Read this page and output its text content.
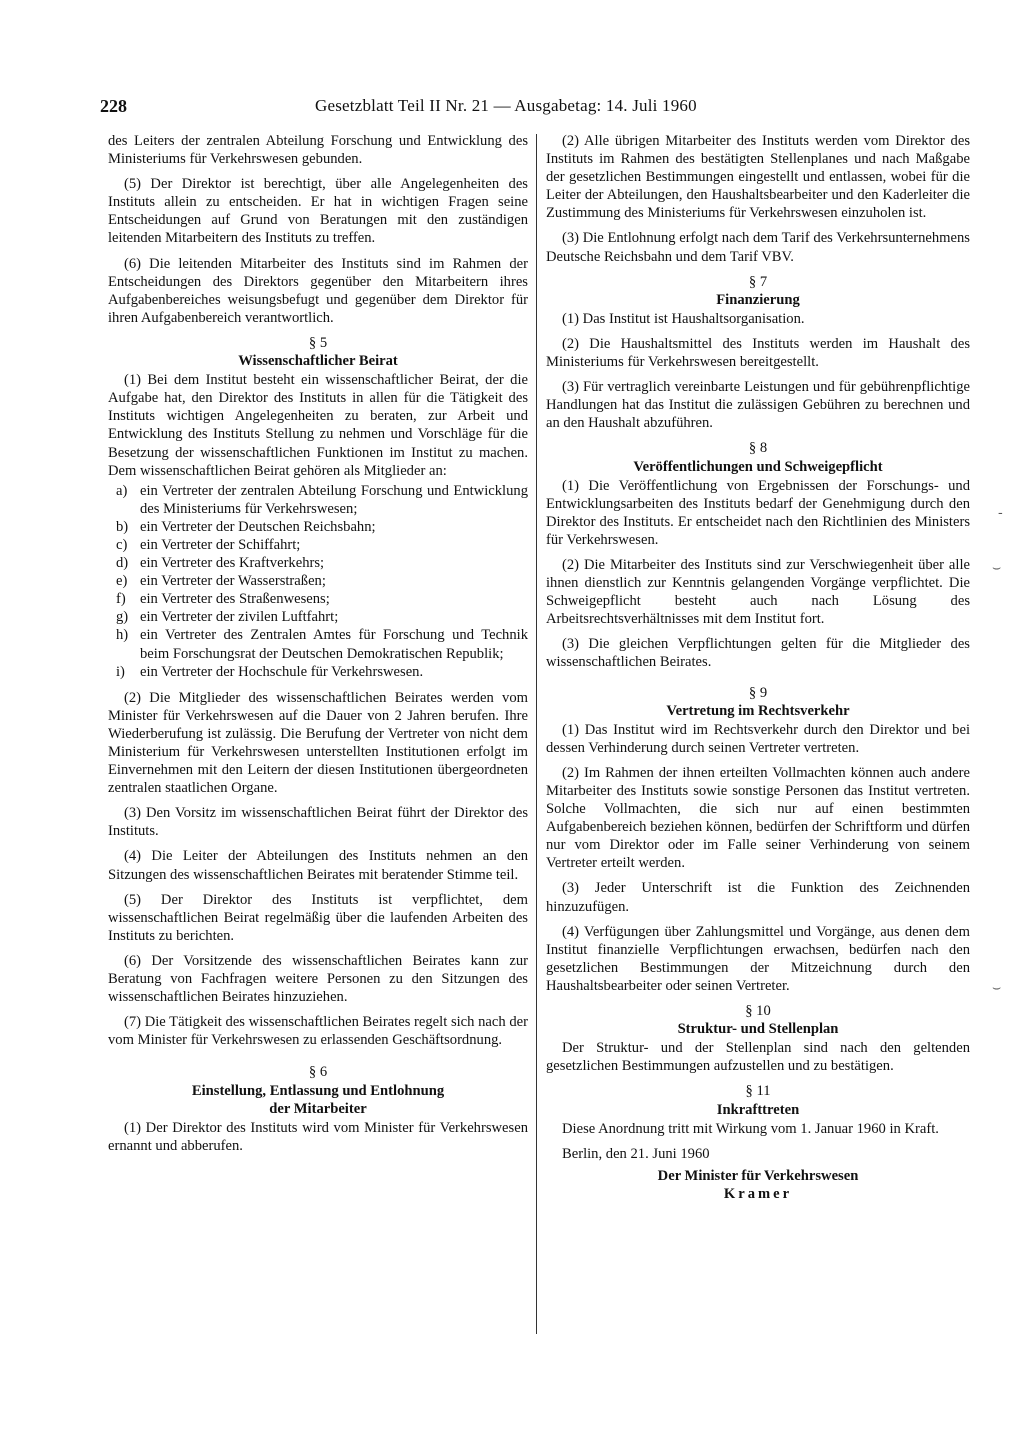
228	Gesetzblatt Teil II Nr. 21 — Ausgabetag: 14. Juli 1960

des Leiters der zentralen Abteilung Forschung und Entwicklung des Ministeriums für Verkehrswesen gebunden.

(5) Der Direktor ist berechtigt, über alle Angelegenheiten des Instituts allein zu entscheiden. Er hat in wichtigen Fragen seine Entscheidungen auf Grund von Beratungen mit den zuständigen leitenden Mitarbeitern des Instituts zu treffen.

(6) Die leitenden Mitarbeiter des Instituts sind im Rahmen der Entscheidungen des Direktors gegenüber den Mitarbeitern ihres Aufgabenbereiches weisungsbefugt und gegenüber dem Direktor für ihren Aufgabenbereich verantwortlich.

§ 5
Wissenschaftlicher Beirat

(1) Bei dem Institut besteht ein wissenschaftlicher Beirat, der die Aufgabe hat, den Direktor des Instituts in allen für die Tätigkeit des Instituts wichtigen Angelegenheiten zu beraten, zur Arbeit und Entwicklung des Instituts Stellung zu nehmen und Vorschläge für die Besetzung der wissenschaftlichen Funktionen im Institut zu machen. Dem wissenschaftlichen Beirat gehören als Mitglieder an:

a) ein Vertreter der zentralen Abteilung Forschung und Entwicklung des Ministeriums für Verkehrswesen;
b) ein Vertreter der Deutschen Reichsbahn;
c) ein Vertreter der Schiffahrt;
d) ein Vertreter des Kraftverkehrs;
e) ein Vertreter der Wasserstraßen;
f) ein Vertreter des Straßenwesens;
g) ein Vertreter der zivilen Luftfahrt;
h) ein Vertreter des Zentralen Amtes für Forschung und Technik beim Forschungsrat der Deutschen Demokratischen Republik;
i)	ein Vertreter der Hochschule für Verkehrswesen.

(2) Die Mitglieder des wissenschaftlichen Beirates werden vom Minister für Verkehrswesen auf die Dauer von 2 Jahren berufen. Ihre Wiederberufung ist zulässig. Die Berufung der Vertreter von nicht dem Ministerium für Verkehrswesen unterstellten Institutionen erfolgt im Einvernehmen mit den Leitern der diesen Institutionen übergeordneten zentralen staatlichen Organe.

(3) Den Vorsitz im wissenschaftlichen Beirat führt der Direktor des Instituts.

(4) Die Leiter der Abteilungen des Instituts nehmen an den Sitzungen des wissenschaftlichen Beirates mit beratender Stimme teil.

(5) Der Direktor des Instituts ist verpflichtet, dem wissenschaftlichen Beirat regelmäßig über die laufenden Arbeiten des Instituts zu berichten.

(6) Der Vorsitzende des wissenschaftlichen Beirates kann zur Beratung von Fachfragen weitere Personen zu den Sitzungen des wissenschaftlichen Beirates hinzuziehen.

(7) Die Tätigkeit des wissenschaftlichen Beirates regelt sich nach der vom Minister für Verkehrswesen zu erlassenden Geschäftsordnung.

§ 6
Einstellung, Entlassung und Entlohnung
der Mitarbeiter

(1) Der Direktor des Instituts wird vom Minister für Verkehrswesen ernannt und abberufen.

(2) Alle übrigen Mitarbeiter des Instituts werden vom Direktor des Instituts im Rahmen des bestätigten Stellenplanes und nach Maßgabe der gesetzlichen Bestimmungen eingestellt und entlassen, wobei für die Leiter der Abteilungen, den Haushaltsbearbeiter und den Kaderleiter die Zustimmung des Ministeriums für Verkehrswesen einzuholen ist.

(3) Die Entlohnung erfolgt nach dem Tarif des Verkehrsunternehmens Deutsche Reichsbahn und dem Tarif VBV.

§ 7
Finanzierung

(1) Das Institut ist Haushaltsorganisation.

(2) Die Haushaltsmittel des Instituts werden im Haushalt des Ministeriums für Verkehrswesen bereitgestellt.

(3) Für vertraglich vereinbarte Leistungen und für gebührenpflichtige Handlungen hat das Institut die zulässigen Gebühren zu berechnen und an den Haushalt abzuführen.

§ 8
Veröffentlichungen und Schweigepflicht

(1) Die Veröffentlichung von Ergebnissen der Forschungs- und Entwicklungsarbeiten des Instituts bedarf der Genehmigung durch den Direktor des Instituts. Er entscheidet nach den Richtlinien des Ministers für Verkehrswesen.

(2) Die Mitarbeiter des Instituts sind zur Verschwiegenheit über alle ihnen dienstlich zur Kenntnis gelangenden Vorgänge verpflichtet. Die Schweigepflicht besteht auch nach Lösung des Arbeitsrechtsverhältnisses mit dem Institut fort.

(3) Die gleichen Verpflichtungen gelten für die Mitglieder des wissenschaftlichen Beirates.

§ 9
Vertretung im Rechtsverkehr

(1) Das Institut wird im Rechtsverkehr durch den Direktor und bei dessen Verhinderung durch seinen Vertreter vertreten.

(2) Im Rahmen der ihnen erteilten Vollmachten können auch andere Mitarbeiter des Instituts sowie sonstige Personen das Institut vertreten. Solche Vollmachten, die sich nur auf einen bestimmten Aufgabenbereich beziehen können, bedürfen der Schriftform und dürfen nur vom Direktor oder im Falle seiner Verhinderung von seinem Vertreter erteilt werden.

(3) Jeder Unterschrift ist die Funktion des Zeichnenden hinzuzufügen.

(4) Verfügungen über Zahlungsmittel und Vorgänge, aus denen dem Institut finanzielle Verpflichtungen erwachsen, bedürfen nach den gesetzlichen Bestimmungen der Mitzeichnung durch den Haushaltsbearbeiter oder seinen Vertreter.

§ 10
Struktur- und Stellenplan

Der Struktur- und der Stellenplan sind nach den geltenden gesetzlichen Bestimmungen aufzustellen und zu bestätigen.

§ 11
Inkrafttreten

Diese Anordnung tritt mit Wirkung vom 1. Januar 1960 in Kraft.

Berlin, den 21. Juni 1960

Der Minister für Verkehrswesen
Kramer
-
⌣
⌣
